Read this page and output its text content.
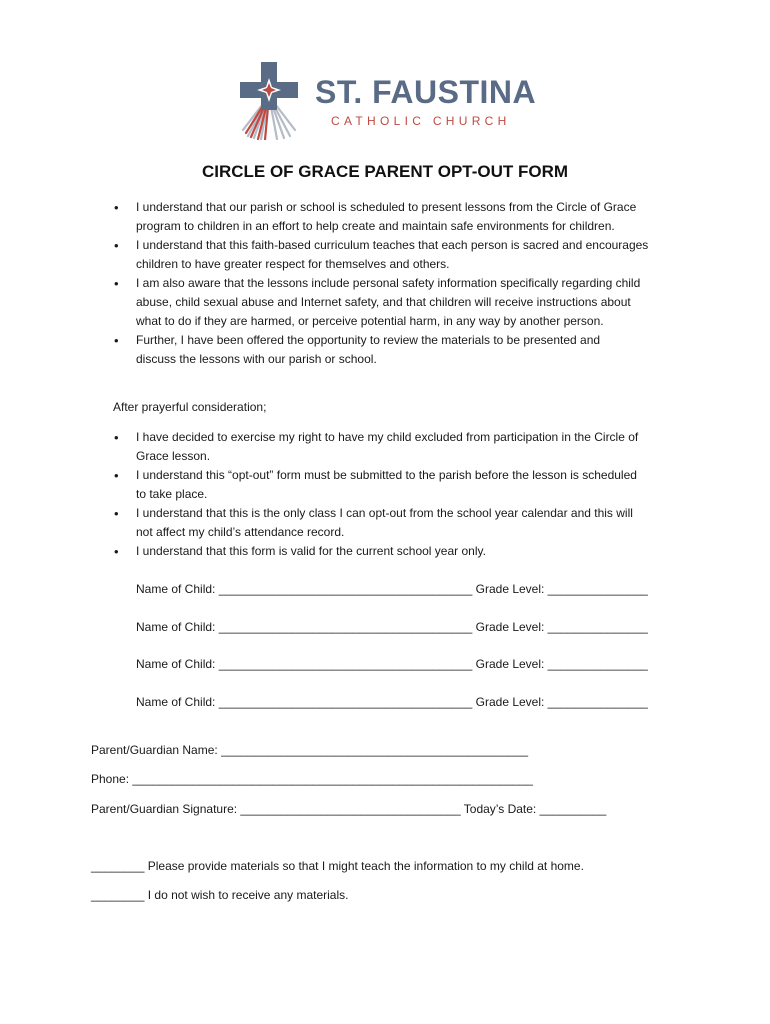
ST. FAUSTINA
CATHOLIC CHURCH
CIRCLE OF GRACE PARENT OPT-OUT FORM
• I understand that our parish or school is scheduled to present lessons from the Circle of Grace
program to children in an effort to help create and maintain safe environments for children.
• I understand that this faith-based curriculum teaches that each person is sacred and encourages
children to have greater respect for themselves and others.
• I am also aware that the lessons include personal safety information specifically regarding child
abuse, child sexual abuse and Internet safety, and that children will receive instructions about
what to do if they are harmed, or perceive potential harm, in any way by another person.
• Further, I have been offered the opportunity to review the materials to be presented and
discuss the lessons with our parish or school.
After prayerful consideration;
• I have decided to exercise my right to have my child excluded from participation in the Circle of
Grace lesson.
• I understand this “opt-out” form must be submitted to the parish before the lesson is scheduled
to take place.
• I understand that this is the only class I can opt-out from the school year calendar and this will
not affect my child’s attendance record.
• I understand that this form is valid for the current school year only.
Name of Child: ______________________________________ Grade Level: _______________
Name of Child: ______________________________________ Grade Level: _______________
Name of Child: ______________________________________ Grade Level: _______________
Name of Child: ______________________________________ Grade Level: _______________
Parent/Guardian Name: ______________________________________________
Phone: ____________________________________________________________
Parent/Guardian Signature: _________________________________ Today’s Date: __________
________ Please provide materials so that I might teach the information to my child at home.
________ I do not wish to receive any materials.
